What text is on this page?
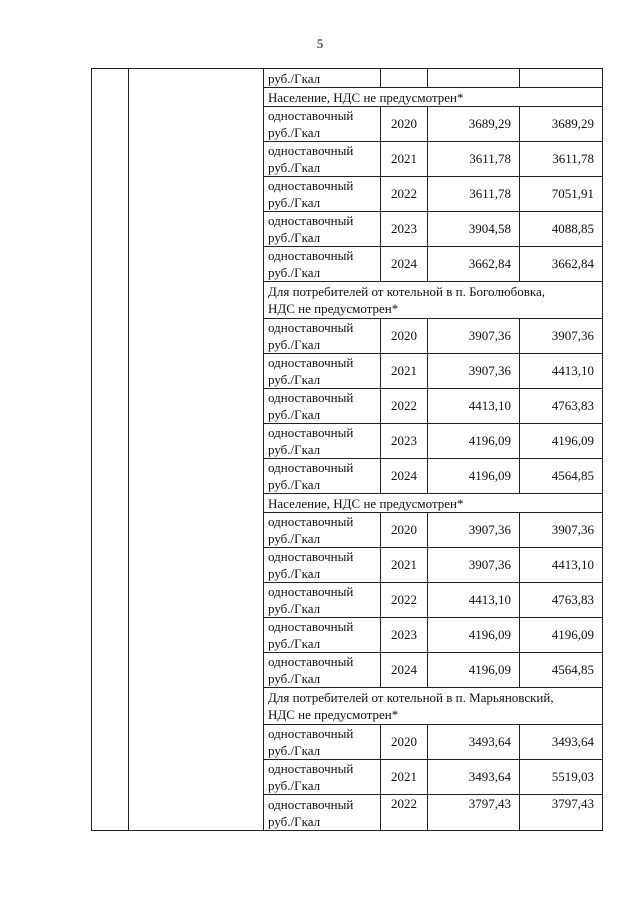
5
		руб./Гкал			
		Население, НДС не предусмотрен*			

		одноставочный
руб./Гкал	2020	3689,29	3689,29

		одноставочный
руб./Гкал	2021	3611,78	3611,78

		одноставочный
руб./Гкал	2022	3611,78	7051,91

		одноставочный
руб./Гкал	2023	3904,58	4088,85

		одноставочный
руб./Гкал	2024	3662,84	3662,84

		Для потребителей от котельной в п. Боголюбовка,
НДС не предусмотрен*			

		одноставочный
руб./Гкал	2020	3907,36	3907,36

		одноставочный
руб./Гкал	2021	3907,36	4413,10

		одноставочный
руб./Гкал	2022	4413,10	4763,83

		одноставочный
руб./Гкал	2023	4196,09	4196,09

		одноставочный
руб./Гкал	2024	4196,09	4564,85
		Население, НДС не предусмотрен*			

		одноставочный
руб./Гкал	2020	3907,36	3907,36

		одноставочный
руб./Гкал	2021	3907,36	4413,10

		одноставочный
руб./Гкал	2022	4413,10	4763,83

		одноставочный
руб./Гкал	2023	4196,09	4196,09

		одноставочный
руб./Гкал	2024	4196,09	4564,85

		Для потребителей от котельной в п. Марьяновский,
НДС не предусмотрен*			

		одноставочный
руб./Гкал	2020	3493,64	3493,64

		одноставочный
руб./Гкал	2021	3493,64	5519,03

		одноставочный
руб./Гкал	2022	3797,43	3797,43
